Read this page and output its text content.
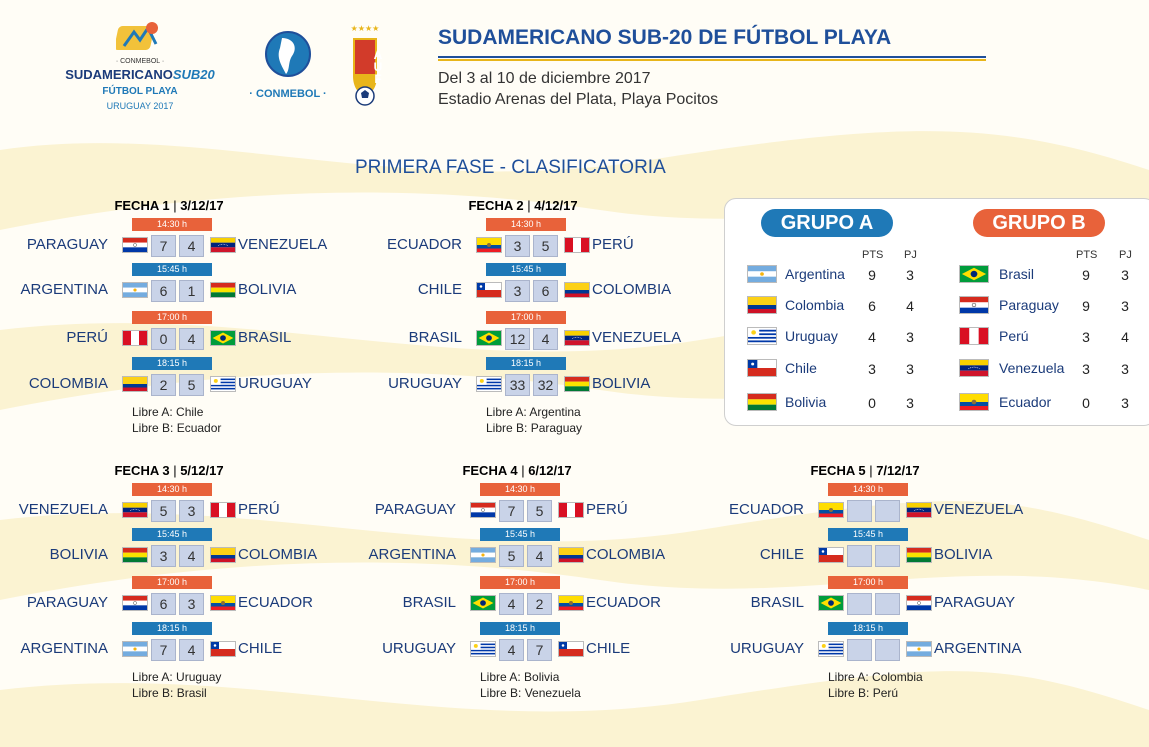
· CONMEBOL ·
SUDAMERICANOSUB20
FÚTBOL PLAYA
URUGUAY 2017
· CONMEBOL ·
★★★★
AUF
SUDAMERICANO SUB-20 DE FÚTBOL PLAYA
Del 3 al 10 de diciembre 2017
Estadio Arenas del Plata, Playa Pocitos
PRIMERA FASE - CLASIFICATORIA
FECHA 1 | 3/12/17
14:30 h
PARAGUAY	7	4	VENEZUELA
15:45 h
ARGENTINA	6	1	BOLIVIA
17:00 h
PERÚ	0	4	BRASIL
18:15 h
COLOMBIA	2	5	URUGUAY
Libre A: Chile
Libre B: Ecuador
FECHA 2 | 4/12/17
14:30 h
ECUADOR	3	5	PERÚ
15:45 h
CHILE	3	6	COLOMBIA
17:00 h
BRASIL	12	4	VENEZUELA
18:15 h
URUGUAY	33 32	BOLIVIA
Libre A: Argentina
Libre B: Paraguay
FECHA 3 | 5/12/17
14:30 h
VENEZUELA	5	3	PERÚ
15:45 h
BOLIVIA	3	4	COLOMBIA
17:00 h
PARAGUAY	6	3	ECUADOR
18:15 h
ARGENTINA	7	4	CHILE
Libre A: Uruguay
Libre B: Brasil
FECHA 4 | 6/12/17
14:30 h
PARAGUAY	7	5	PERÚ
15:45 h
ARGENTINA	5	4	COLOMBIA
17:00 h
BRASIL	4	2	ECUADOR
18:15 h
URUGUAY	4	7	CHILE
Libre A: Bolivia
Libre B: Venezuela
FECHA 5 | 7/12/17
14:30 h
ECUADOR	VENEZUELA
15:45 h
CHILE	BOLIVIA
17:00 h
BRASIL	PARAGUAY
18:15 h
URUGUAY	ARGENTINA
Libre A: Colombia
Libre B: Perú
GRUPO A	GRUPO B
PTS PJ	PTS PJ
Argentina	9	3
Colombia	6	4
Uruguay	4	3
Chile	3	3
Bolivia	0	3
Brasil	9	3
Paraguay	9	3
Perú	3	4
Venezuela	3	3
Ecuador	0	3
